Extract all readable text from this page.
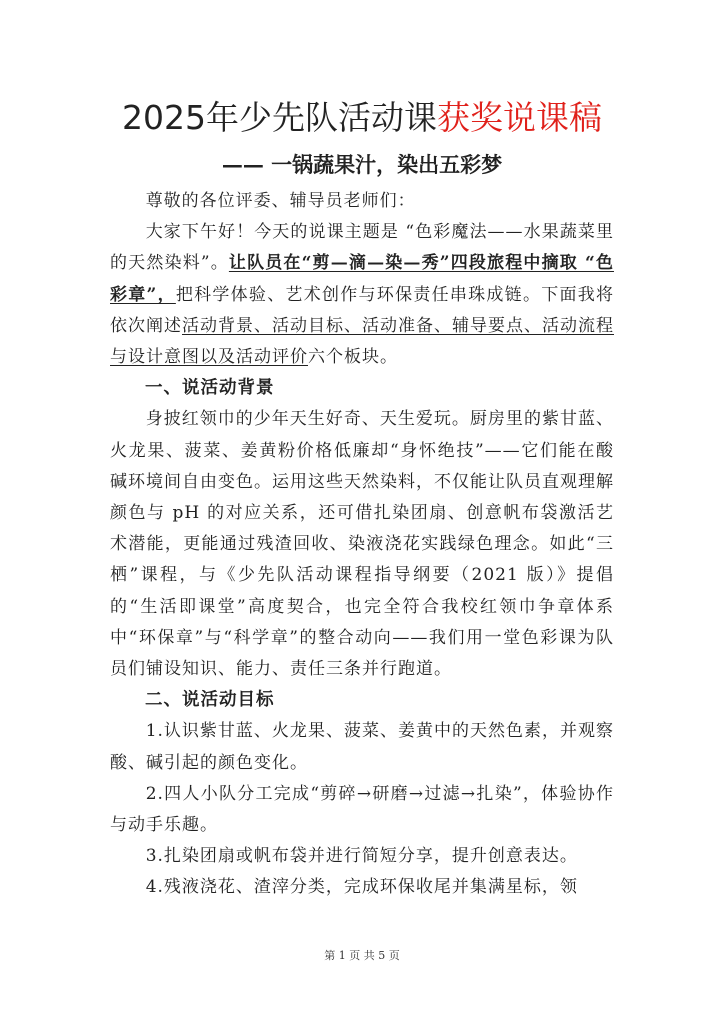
2025年少先队活动课获奖说课稿
—— 一锅蔬果汁，染出五彩梦

尊敬的各位评委、辅导员老师们：

大家下午好！今天的说课主题是 “色彩魔法——水果蔬菜里的天然染料”。让队员在“剪—滴—染—秀”四段旅程中摘取 “色彩章”，把科学体验、艺术创作与环保责任串珠成链。下面我将依次阐述活动背景、活动目标、活动准备、辅导要点、活动流程与设计意图以及活动评价六个板块。

一、说活动背景

身披红领巾的少年天生好奇、天生爱玩。厨房里的紫甘蓝、火龙果、菠菜、姜黄粉价格低廉却“身怀绝技”——它们能在酸碱环境间自由变色。运用这些天然染料，不仅能让队员直观理解颜色与 pH 的对应关系，还可借扎染团扇、创意帆布袋激活艺术潜能，更能通过残渣回收、染液浇花实践绿色理念。如此“三栖”课程，与《少先队活动课程指导纲要（2021 版）》提倡的“生活即课堂”高度契合，也完全符合我校红领巾争章体系中“环保章”与“科学章”的整合动向——我们用一堂色彩课为队员们铺设知识、能力、责任三条并行跑道。

二、说活动目标

1.认识紫甘蓝、火龙果、菠菜、姜黄中的天然色素，并观察酸、碱引起的颜色变化。

2.四人小队分工完成“剪碎→研磨→过滤→扎染”，体验协作与动手乐趣。

3.扎染团扇或帆布袋并进行简短分享，提升创意表达。

4.残液浇花、渣滓分类，完成环保收尾并集满星标，领

第 1 页 共 5 页
